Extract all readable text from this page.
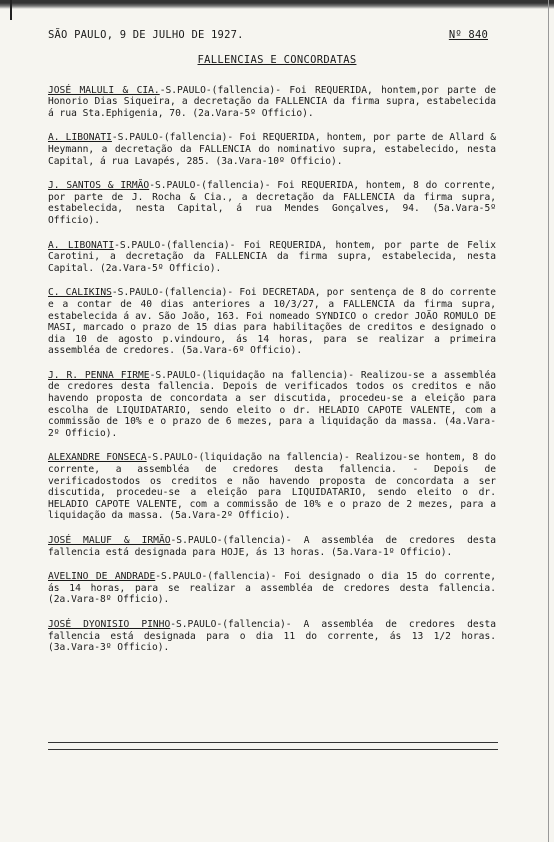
SÃO PAULO, 9 DE JULHO DE 1927.	Nº 840
FALLENCIAS E CONCORDATAS

JOSÉ MALULI & CIA.-S.PAULO-(fallencia)- Foi REQUERIDA, hontem,por parte de Honorio Dias Siqueira, a decretação da FALLENCIA da firma supra, estabelecida á rua Sta.Ephigenia, 70. (2a.Vara-5º Officio).

A. LIBONATI-S.PAULO-(fallencia)- Foi REQUERIDA, hontem, por parte de Allard & Heymann, a decretação da FALLENCIA do nominativo supra, estabelecido, nesta Capital, á rua Lavapés, 285. (3a.Vara-10º Officio).

J. SANTOS & IRMÃO-S.PAULO-(fallencia)- Foi REQUERIDA, hontem, 8 do corrente, por parte de J. Rocha & Cia., a decretação da FALLENCIA da firma supra, estabelecida, nesta Capital, á rua Mendes Gonçalves, 94. (5a.Vara-5º Officio).

A. LIBONATI-S.PAULO-(fallencia)- Foi REQUERIDA, hontem, por parte de Felix Carotini, a decretação da FALLENCIA da firma supra, estabelecida, nesta Capital. (2a.Vara-5º Officio).

C. CALIKINS-S.PAULO-(fallencia)- Foi DECRETADA, por sentença de 8 do corrente e a contar de 40 dias anteriores a 10/3/27, a FALLENCIA da firma supra, estabelecida á av. São João, 163. Foi nomeado SYNDICO o credor JOÃO ROMULO DE MASI, marcado o prazo de 15 dias para habilitações de creditos e designado o dia 10 de agosto p.vindouro, ás 14 horas, para se realizar a primeira assembléa de credores. (5a.Vara-6º Officio).

J. R. PENNA FIRME-S.PAULO-(liquidação na fallencia)- Realizou-se a assembléa de credores desta fallencia. Depois de verificados todos os creditos e não havendo proposta de concordata a ser discutida, procedeu-se a eleição para escolha de LIQUIDATARIO, sendo eleito o dr. HELADIO CAPOTE VALENTE, com a commissão de 10% e o prazo de 6 mezes, para a liquidação da massa. (4a.Vara-2º Officio).

ALEXANDRE FONSECA-S.PAULO-(liquidação na fallencia)- Realizou-se hontem, 8 do corrente, a assembléa de credores desta fallencia. - Depois de verificadostodos os creditos e não havendo proposta de concordata a ser discutida, procedeu-se a eleição para LIQUIDATARIO, sendo eleito o dr. HELADIO CAPOTE VALENTE, com a commissão de 10% e o prazo de 2 mezes, para a liquidação da massa. (5a.Vara-2º Officio).

JOSÉ MALUF & IRMÃO-S.PAULO-(fallencia)- A assembléa de credores desta fallencia está designada para HOJE, ás 13 horas. (5a.Vara-1º Officio).

AVELINO DE ANDRADE-S.PAULO-(fallencia)- Foi designado o dia 15 do corrente, ás 14 horas, para se realizar a assembléa de credores desta fallencia. (2a.Vara-8º Officio).

JOSÉ DYONISIO PINHO-S.PAULO-(fallencia)- A assembléa de credores desta fallencia está designada para o dia 11 do corrente, ás 13 1/2 horas. (3a.Vara-3º Officio).
